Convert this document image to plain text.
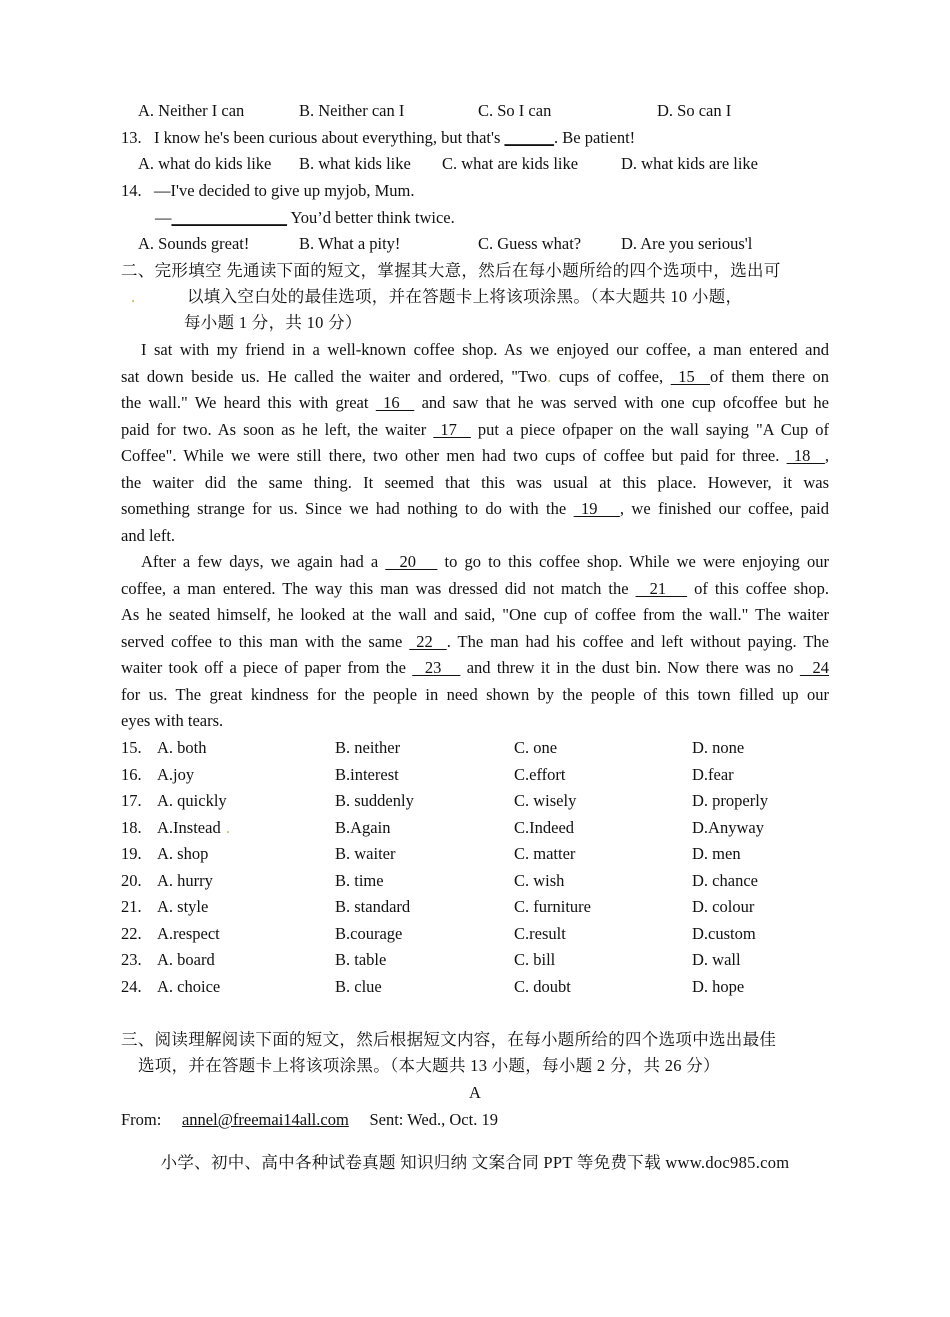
A. Neither I can	B. Neither can I	C. So I can	D. So can I
13. I know he's been curious about everything, but that's ______. Be patient!
A. what do kids like B. what kids like C. what are kids like	D. what kids are like
14. —I've decided to give up myjob, Mum.
—______________ You’d better think twice.
A. Sounds great!	B. What a pity!	C. Guess what? D. Are you serious'l
二、完形填空 先通读下面的短文，掌握其大意，然后在每小题所给的四个选项中，选出可
.	以填入空白处的最佳选项，并在答题卡上将该项涂黑。（本大题共 10 小题，
每小题 1 分，共 10 分）
I sat with my friend in a well-known coffee shop. As we enjoyed our coffee, a man entered and
sat down beside us. He called the waiter and ordered, "Two. cups of coffee,  15  of them there on
the wall." We heard this with great  16   and saw that he was served with one cup ofcoffee but he
paid for two. As soon as he left, the waiter  17   put a piece ofpaper on the wall saying "A Cup of
Coffee". While we were still there, two other men had two cups of coffee but paid for three.  18  ,
the waiter did the same thing. It seemed that this was usual at this place. However, it was
something strange for us. Since we had nothing to do with the  19   , we finished our coffee, paid
and left.
After a few days, we again had a   20    to go to this coffee shop. While we were enjoying our
coffee, a man entered. The way this man was dressed did not match the   21    of this coffee shop.
As he seated himself, he looked at the wall and said, "One cup of coffee from the wall." The waiter
served coffee to this man with the same  22  . The man had his coffee and left without paying. The
waiter took off a piece of paper from the   23    and threw it in the dust bin. Now there was no   24
for us. The great kindness for the people in need shown by the people of this town filled up our
eyes with tears.
15. A. both	B. neither	C. one	D. none
16. A.joy	B.interest	C.effort	D.fear
17. A. quickly	B. suddenly	C. wisely	D. properly
18. A.Instead	B.Again	C.Indeed	D.Anyway
.
19. A. shop	B. waiter	C. matter	D. men
20. A. hurry	B. time	C. wish	D. chance
21. A. style	B. standard	C. furniture	D. colour
22. A.respect	B.courage	C.result	D.custom
23. A. board	B. table	C. bill	D. wall
24. A. choice	B. clue	C. doubt	D. hope
三、阅读理解阅读下面的短文，然后根据短文内容，在每小题所给的四个选项中选出最佳
选项，并在答题卡上将该项涂黑。（本大题共 13 小题，每小题 2 分，共 26 分）
A
From: annel@freemai14all.com Sent: Wed., Oct. 19
小学、初中、高中各种试卷真题 知识归纳 文案合同 PPT 等免费下载 www.doc985.com
